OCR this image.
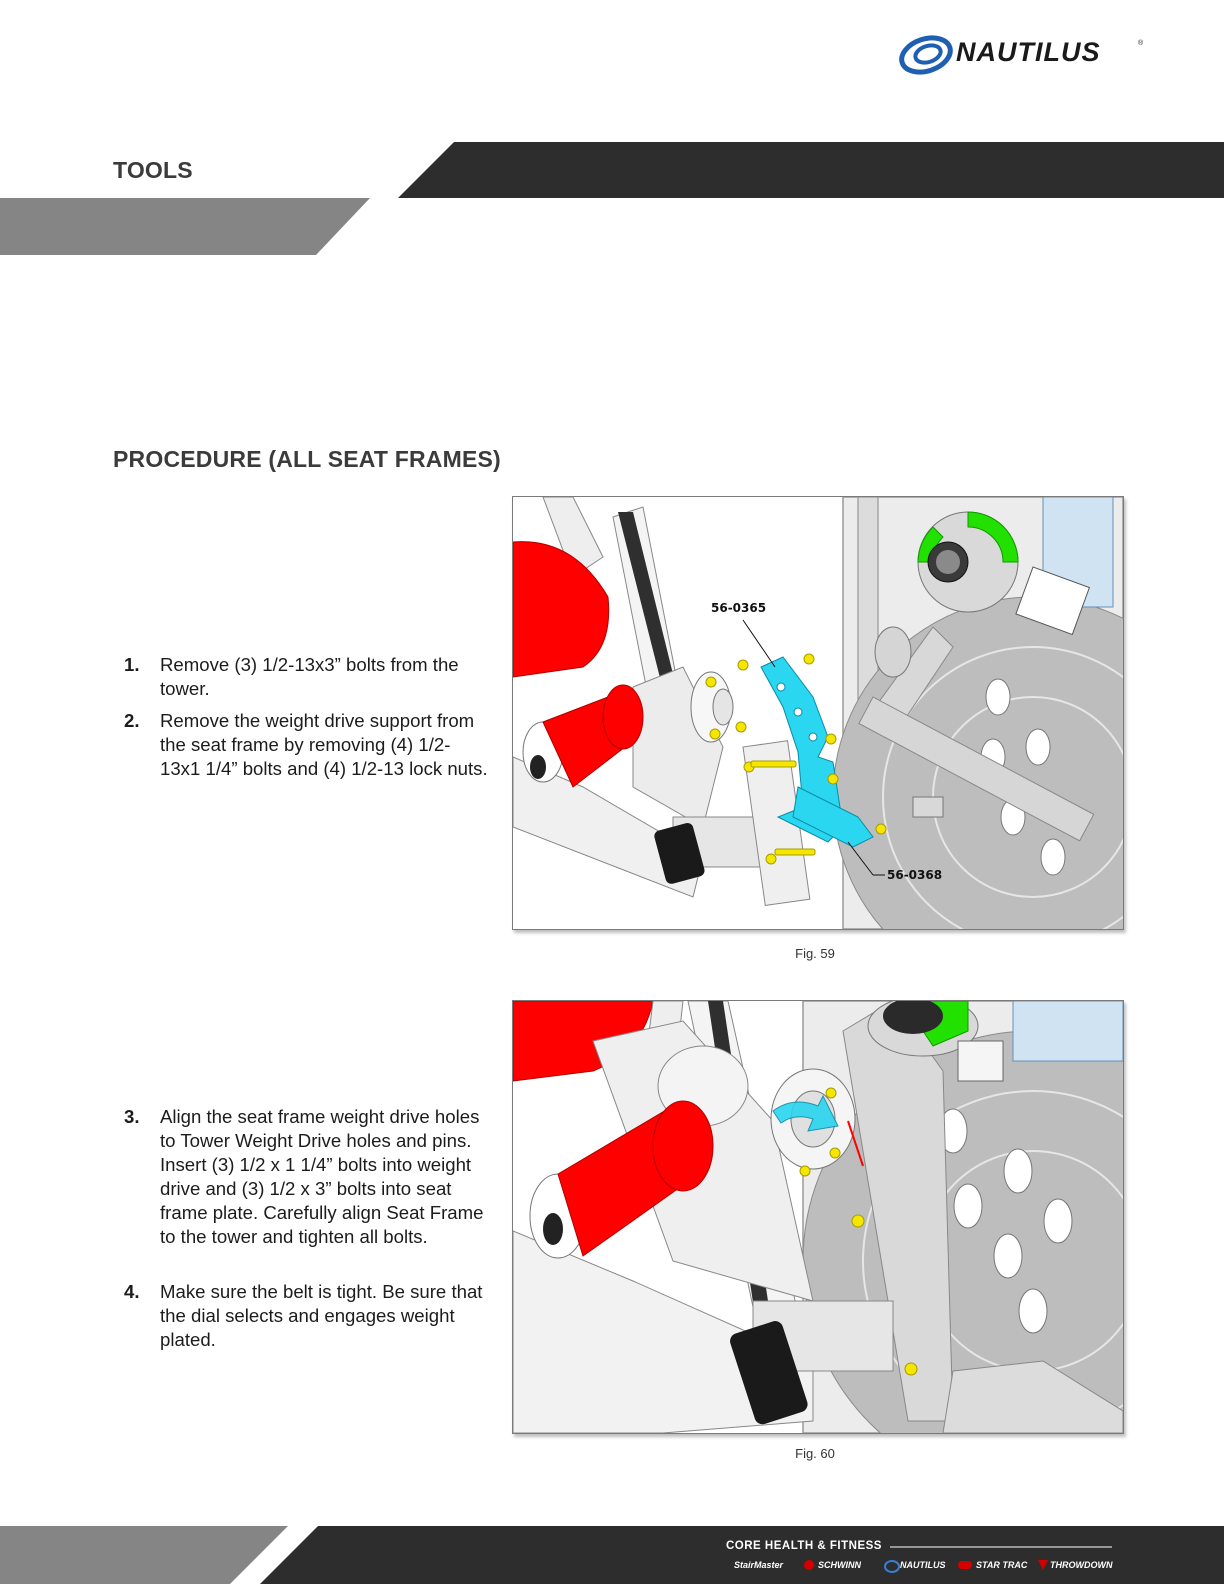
NAUTILUS	®
TOOLS
PROCEDURE (ALL SEAT FRAMES)
1. Remove (3) 1/2-13x3” bolts from the tower.
2. Remove the weight drive support from the seat frame by removing (4) 1/2-13x1 1/4” bolts and (4) 1/2-13 lock nuts.
3. Align the seat frame weight drive holes to Tower Weight Drive holes and pins. Insert (3) 1/2 x 1 1/4” bolts into weight drive and (3) 1/2 x 3” bolts into seat frame plate. Carefully align Seat Frame to the tower and tighten all bolts.
4. Make sure the belt is tight. Be sure that the dial selects and engages weight plated.
56-0365
56-0368
Fig. 59
Fig. 60
CORE HEALTH & FITNESS
StairMaster	SCHWINN	NAUTILUS	STAR TRAC	THROWDOWN
